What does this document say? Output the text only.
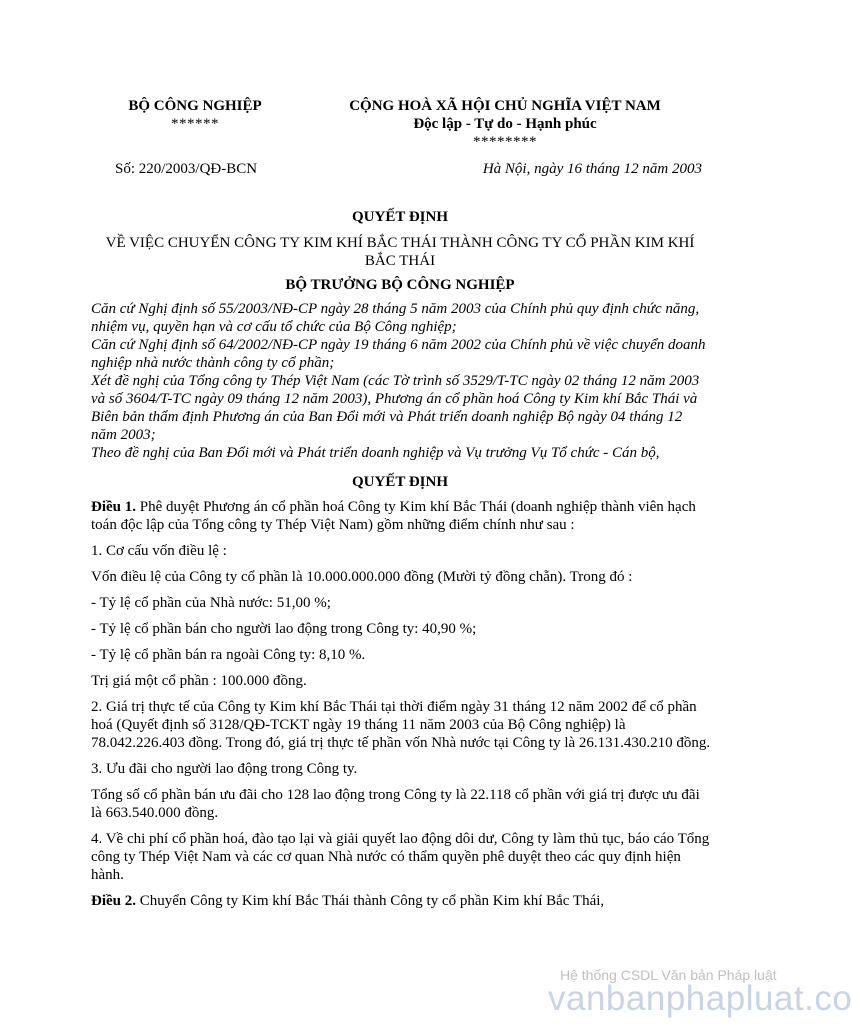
BỘ CÔNG NGHIỆP
******
CỘNG HOÀ XÃ HỘI CHỦ NGHĨA VIỆT NAM
Độc lập - Tự do - Hạnh phúc
********
Số: 220/2003/QĐ-BCN	Hà Nội, ngày 16 tháng 12 năm 2003
QUYẾT ĐỊNH
VỀ VIỆC CHUYỂN CÔNG TY KIM KHÍ BẮC THÁI THÀNH CÔNG TY CỔ PHẦN KIM KHÍ BẮC THÁI
BỘ TRƯỞNG BỘ CÔNG NGHIỆP

Căn cứ Nghị định số 55/2003/NĐ-CP ngày 28 tháng 5 năm 2003 của Chính phủ quy định chức năng, nhiệm vụ, quyền hạn và cơ cấu tổ chức của Bộ Công nghiệp;

Căn cứ Nghị định số 64/2002/NĐ-CP ngày 19 tháng 6 năm 2002 của Chính phủ về việc chuyển doanh nghiệp nhà nước thành công ty cổ phần;

Xét đề nghị của Tổng công ty Thép Việt Nam (các Tờ trình số 3529/T-TC ngày 02 tháng 12 năm 2003 và số 3604/T-TC ngày 09 tháng 12 năm 2003), Phương án cổ phần hoá Công ty Kim khí Bắc Thái và Biên bản thẩm định Phương án của Ban Đổi mới và Phát triển doanh nghiệp Bộ ngày 04 tháng 12 năm 2003;

Theo đề nghị của Ban Đổi mới và Phát triển doanh nghiệp và Vụ trưởng Vụ Tổ chức - Cán bộ,

QUYẾT ĐỊNH

Điều 1. Phê duyệt Phương án cổ phần hoá Công ty Kim khí Bắc Thái (doanh nghiệp thành viên hạch toán độc lập của Tổng công ty Thép Việt Nam) gồm những điểm chính như sau :

1. Cơ cấu vốn điều lệ :

Vốn điều lệ của Công ty cổ phần là 10.000.000.000 đồng (Mười tỷ đồng chẵn). Trong đó :

- Tỷ lệ cổ phần của Nhà nước: 51,00 %;

- Tỷ lệ cổ phần bán cho người lao động trong Công ty: 40,90 %;

- Tỷ lệ cổ phần bán ra ngoài Công ty: 8,10 %.

Trị giá một cổ phần : 100.000 đồng.

2. Giá trị thực tế của Công ty Kim khí Bắc Thái tại thời điểm ngày 31 tháng 12 năm 2002 để cổ phần hoá (Quyết định số 3128/QĐ-TCKT ngày 19 tháng 11 năm 2003 của Bộ Công nghiệp) là 78.042.226.403 đồng. Trong đó, giá trị thực tế phần vốn Nhà nước tại Công ty là 26.131.430.210 đồng.

3. Ưu đãi cho người lao động trong Công ty.

Tổng số cổ phần bán ưu đãi cho 128 lao động trong Công ty là 22.118 cổ phần với giá trị được ưu đãi là 663.540.000 đồng.

4. Về chi phí cổ phần hoá, đào tạo lại và giải quyết lao động dôi dư, Công ty làm thủ tục, báo cáo Tổng công ty Thép Việt Nam và các cơ quan Nhà nước có thẩm quyền phê duyệt theo các quy định hiện hành.

Điều 2. Chuyển Công ty Kim khí Bắc Thái thành Công ty cổ phần Kim khí Bắc Thái,

Hệ thống CSDL Văn bản Pháp luật
vanbanphapluat.co
